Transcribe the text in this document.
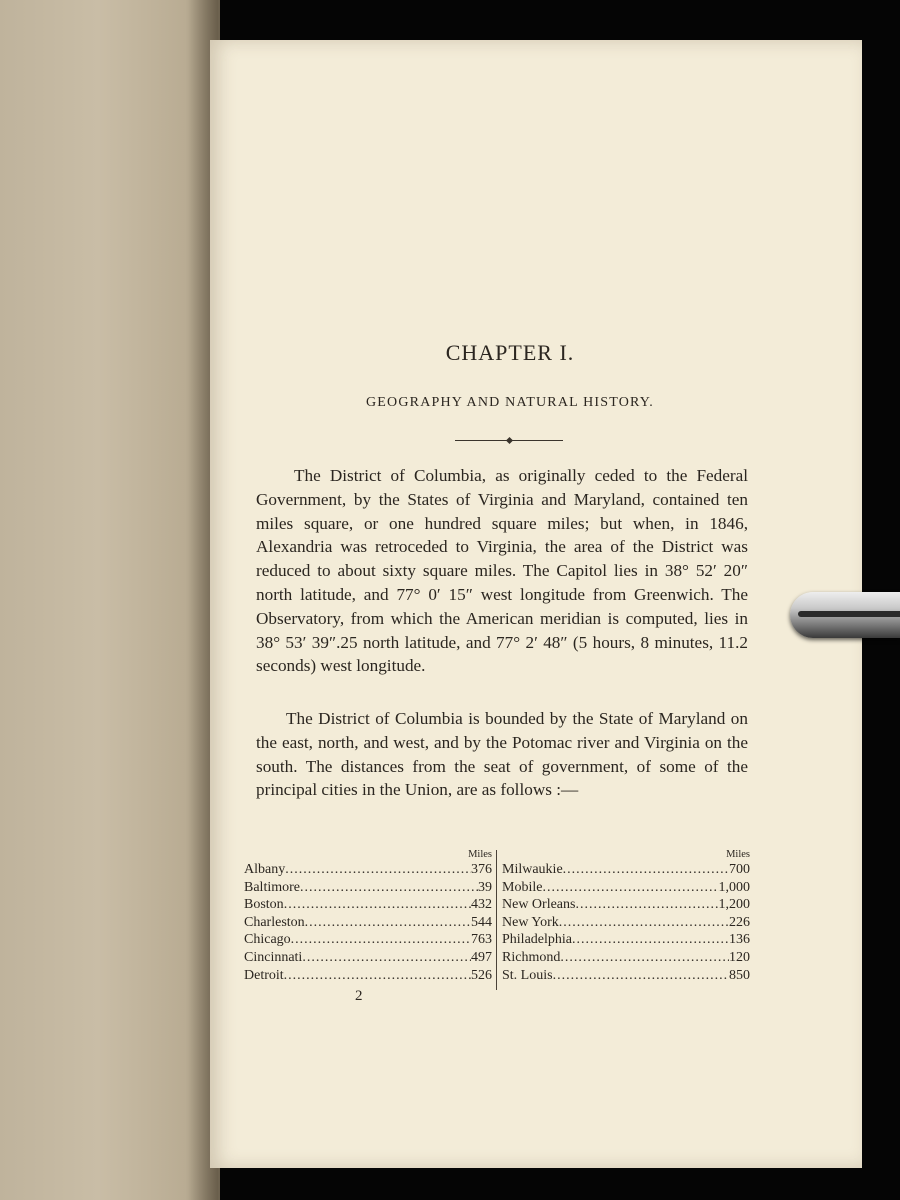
CHAPTER I.
GEOGRAPHY AND NATURAL HISTORY.

The District of Columbia, as originally ceded to the Federal Government, by the States of Virginia and Maryland, contained ten miles square, or one hundred square miles; but when, in 1846, Alexandria was retroceded to Virginia, the area of the District was reduced to about sixty square miles. The Capitol lies in 38° 52′ 20″ north latitude, and 77° 0′ 15″ west longitude from Greenwich. The Observatory, from which the American meridian is computed, lies in 38° 53′ 39″.25 north latitude, and 77° 2′ 48″ (5 hours, 8 minutes, 11.2 seconds) west longitude.

The District of Columbia is bounded by the State of Maryland on the east, north, and west, and by the Potomac river and Virginia on the south. The distances from the seat of government, of some of the principal cities in the Union, are as follows :—

Miles
Albany .....	376
Baltimore .....	39
Boston .....	432
Charleston .....	544
Chicago .....	763
Cincinnati .....	497
Detroit .....	526
Miles
Milwaukie .....	700
Mobile .....	1,000
New Orleans .....	1,200
New York .....	226
Philadelphia .....	136
Richmond .....	120
St. Louis .....	850
2
